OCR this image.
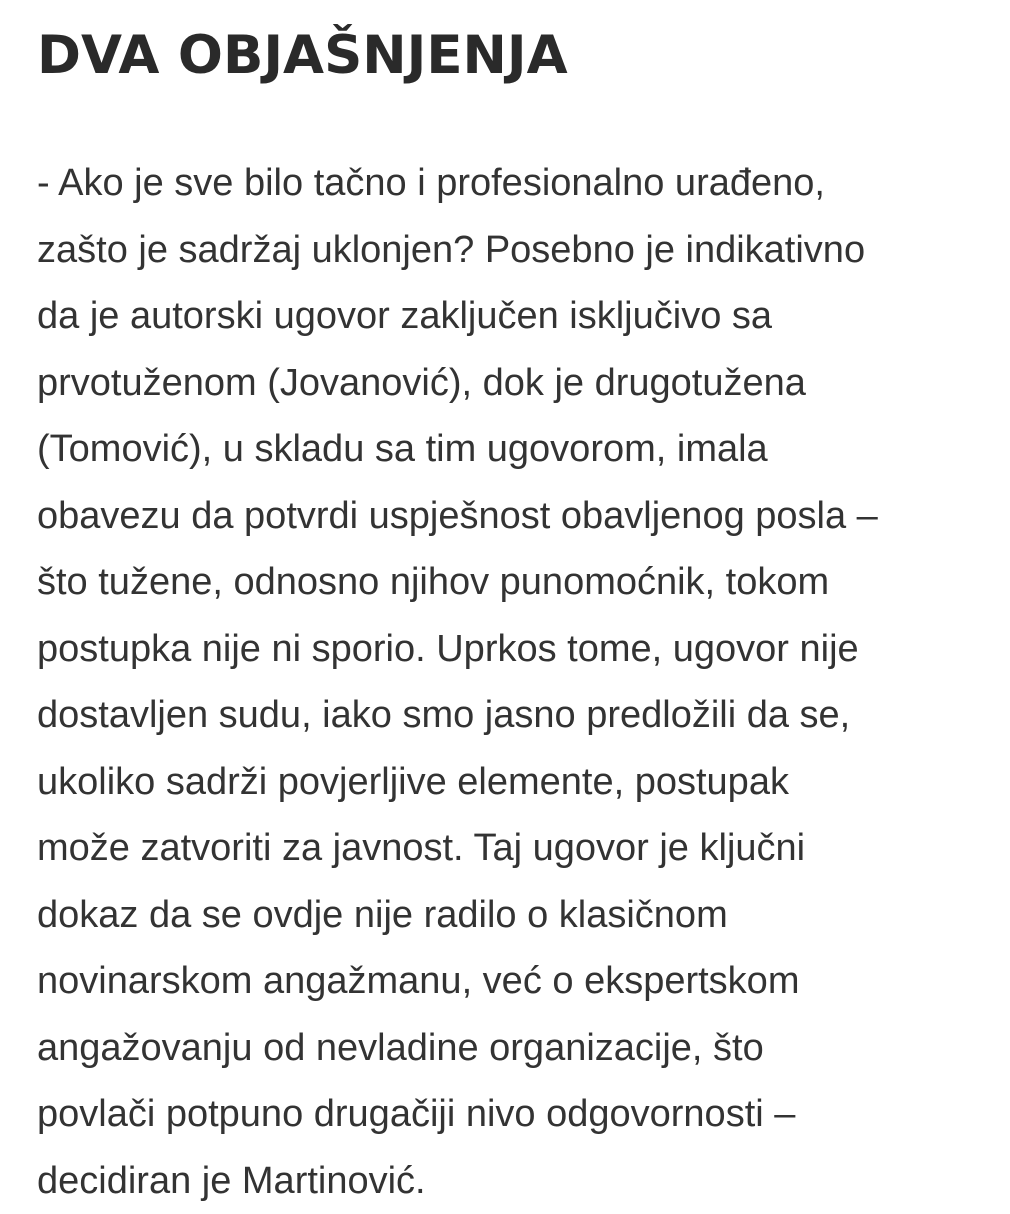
DVA OBJAŠNJENJA

- Ako je sve bilo tačno i profesionalno urađeno,

zašto je sadržaj uklonjen? Posebno je indikativno

da je autorski ugovor zaključen isključivo sa

prvotuženom (Jovanović), dok je drugotužena

(Tomović), u skladu sa tim ugovorom, imala

obavezu da potvrdi uspješnost obavljenog posla –

što tužene, odnosno njihov punomoćnik, tokom

postupka nije ni sporio. Uprkos tome, ugovor nije

dostavljen sudu, iako smo jasno predložili da se,

ukoliko sadrži povjerljive elemente, postupak

može zatvoriti za javnost. Taj ugovor je ključni

dokaz da se ovdje nije radilo o klasičnom

novinarskom angažmanu, već o ekspertskom

angažovanju od nevladine organizacije, što

povlači potpuno drugačiji nivo odgovornosti –

decidiran je Martinović.
